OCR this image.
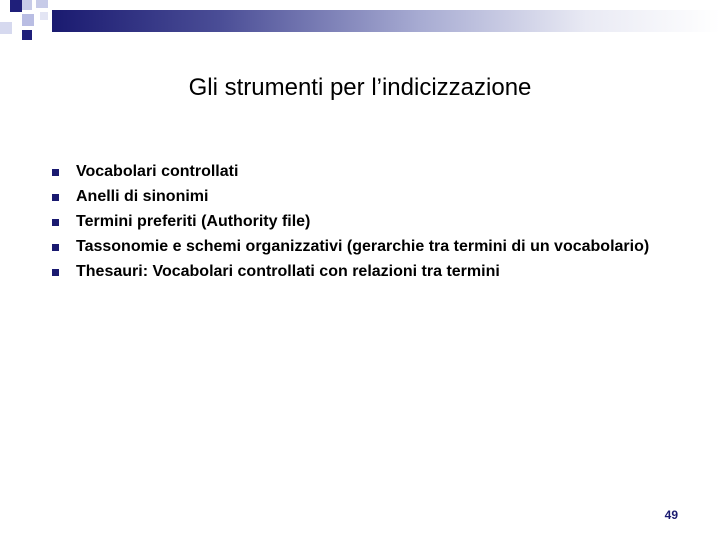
Gli strumenti per l’indicizzazione
Vocabolari controllati
Anelli di sinonimi
Termini preferiti (Authority file)
Tassonomie e schemi organizzativi (gerarchie tra termini di un vocabolario)
Thesauri: Vocabolari controllati con relazioni tra termini
49
